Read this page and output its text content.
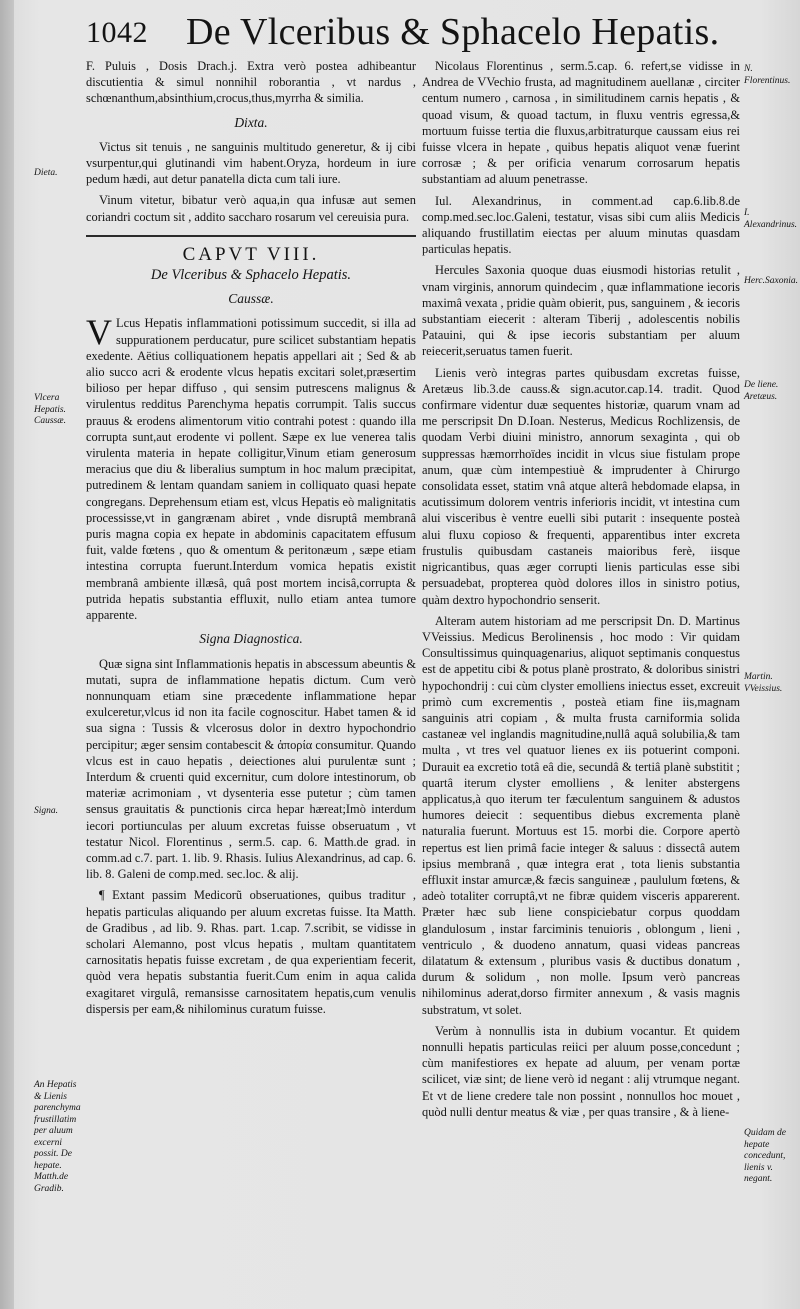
1042 De Vlceribus & Sphacelo Hepatis.

F. Puluis , Dosis Drach.j. Extra verò postea adhibeantur discutientia & simul nonnihil roborantia , vt nardus , schœnanthum,absinthium,crocus,thus,myrrha & similia.

Dixta.

Victus sit tenuis , ne sanguinis multitudo generetur, & ij cibi vsurpentur,qui glutinandi vim habent.Oryza, hordeum in iure pedum hædi, aut detur panatella dicta cum tali iure.

Vinum vitetur, bibatur verò aqua,in qua infusæ aut semen coriandri coctum sit , addito saccharo rosarum vel cereuisia pura.

CAPVT VIII.
De Vlceribus & Sphacelo Hepatis.
Caussæ.

V Lcus Hepatis inflammationi potissimum succedit, si illa ad suppurationem perducatur, pure scilicet substantiam hepatis exedente. Aëtius colliquationem hepatis appellari ait ; Sed & ab alio succo acri & erodente vlcus hepatis excitari solet,præsertim bilioso per hepar diffuso , qui sensim putrescens malignus & virulentus redditus Parenchyma hepatis corrumpit. Talis succus prauus & erodens alimentorum vitio contrahi potest : quando illa corrupta sunt,aut erodente vi pollent. Sæpe ex lue venerea talis virulenta materia in hepate colligitur,Vinum etiam generosum meracius que diu & liberalius sumptum in hoc malum præcipitat, putredinem & lentam quandam saniem in colliquato quasi hepate congregans. Deprehensum etiam est, vlcus Hepatis eò malignitatis processisse,vt in gangrænam abiret , vnde disruptâ membranâ puris magna copia ex hepate in abdominis capacitatem effusum fuit, valde fœtens , quo & omentum & peritonæum , sæpe etiam intestina corrupta fuerunt.Interdum vomica hepatis existit membranâ ambiente illæsâ, quâ post mortem incisâ,corrupta & putrida hepatis substantia effluxit, nullo etiam antea tumore apparente.

Signa Diagnostica.

Quæ signa sint Inflammationis hepatis in abscessum abeuntis & mutati, supra de inflammatione hepatis dictum. Cum verò nonnunquam etiam sine præcedente inflammatione hepar exulceretur,vlcus id non ita facile cognoscitur. Habet tamen & id sua signa : Tussis & vlcerosus dolor in dextro hypochondrio percipitur; æger sensim contabescit & ἀπορία consumitur. Quando vlcus est in cauo hepatis , deiectiones alui purulentæ sunt ; Interdum & cruenti quid excernitur, cum dolore intestinorum, ob materiæ acrimoniam , vt dysenteria esse putetur ; cùm tamen sensus grauitatis & punctionis circa hepar hæreat;Imò interdum iecori portiunculas per aluum excretas fuisse obseruatum , vt testatur Nicol. Florentinus , serm.5. cap. 6. Matth.de grad. in comm.ad c.7. part. 1. lib. 9. Rhasis. Iulius Alexandrinus, ad cap. 6. lib. 8. Galeni de comp.med. sec.loc. & alij.

¶ Extant passim Medicorũ obseruationes, quibus traditur , hepatis particulas aliquando per aluum excretas fuisse. Ita Matth. de Gradibus , ad lib. 9. Rhas. part. 1.cap. 7.scribit, se vidisse in scholari Alemanno, post vlcus hepatis , multam quantitatem carnositatis hepatis fuisse excretam , de qua experientiam fecerit, quòd vera hepatis substantia fuerit.Cum enim in aqua calida exagitaret virgulâ, remansisse carnositatem hepatis,cum venulis dispersis per eam,& nihilominus curatum fuisse.

Nicolaus Florentinus , serm.5.cap. 6. refert,se vidisse in Andrea de VVechio frusta, ad magnitudinem auellanæ , circiter centum numero , carnosa , in similitudinem carnis hepatis , & quoad visum, & quoad tactum, in fluxu ventris egressa,& mortuum fuisse tertia die fluxus,arbitraturque caussam eius rei fuisse vlcera in hepate , quibus hepatis aliquot venæ fuerint corrosæ ; & per orificia venarum corrosarum hepatis substantiam ad aluum penetrasse.

Iul. Alexandrinus, in comment.ad cap.6.lib.8.de comp.med.sec.loc.Galeni, testatur, visas sibi cum aliis Medicis aliquando frustillatim eiectas per aluum minutas quasdam particulas hepatis.

Hercules Saxonia quoque duas eiusmodi historias retulit , vnam virginis, annorum quindecim , quæ inflammatione iecoris maximâ vexata , pridie quàm obierit, pus, sanguinem , & iecoris substantiam eiecerit : alteram Tiberij , adolescentis nobilis Patauini, qui & ipse iecoris substantiam per aluum reiecerit,seruatus tamen fuerit.

Lienis verò integras partes quibusdam excretas fuisse, Aretæus lib.3.de causs.& sign.acutor.cap.14. tradit. Quod confirmare videntur duæ sequentes historiæ, quarum vnam ad me perscripsit Dn D.Ioan. Nesterus, Medicus Rochlizensis, de quodam Verbi diuini ministro, annorum sexaginta , qui ob suppressas hæmorrhoïdes incidit in vlcus siue fistulam prope anum, quæ cùm intempestiuè & imprudenter à Chirurgo consolidata esset, statim vnâ atque alterâ hebdomade elapsa, in acutissimum dolorem ventris inferioris incidit, vt intestina cum alui visceribus è ventre euelli sibi putarit : insequente posteà alui fluxu copioso & frequenti, apparentibus inter excreta frustulis quibusdam castaneis maioribus ferè, iisque nigricantibus, quas æger corrupti lienis particulas esse sibi persuadebat, propterea quòd dolores illos in sinistro potius, quàm dextro hypochondrio senserit.

Alteram autem historiam ad me perscripsit Dn. D. Martinus VVeissius. Medicus Berolinensis , hoc modo : Vir quidam Consultissimus quinquagenarius, aliquot septimanis conquestus est de appetitu cibi & potus planè prostrato, & doloribus sinistri hypochondrij : cui cùm clyster emolliens iniectus esset, excreuit primò cum excrementis , posteà etiam fine iis,magnam sanguinis atri copiam , & multa frusta carniformia solida castaneæ vel inglandis magnitudine,nullâ aquâ solubilia,& tam multa , vt tres vel quatuor lienes ex iis potuerint componi. Durauit ea excretio totâ eâ die, secundâ & tertiâ planè substitit ; quartâ iterum clyster emolliens , & leniter abstergens applicatus,à quo iterum ter fæculentum sanguinem & adustos humores deiecit : sequentibus diebus excrementa planè naturalia fuerunt. Mortuus est 15. morbi die. Corpore apertò repertus est lien primâ facie integer & saluus : dissectâ autem ipsius membranâ , quæ integra erat , tota lienis substantia effluxit instar amurcæ,& fæcis sanguineæ , paululum fœtens, & adeò totaliter corruptâ,vt ne fibræ quidem visceris apparerent. Præter hæc sub liene conspiciebatur corpus quoddam glandulosum , instar farciminis tenuioris , oblongum , lieni , ventriculo , & duodeno annatum, quasi videas pancreas dilatatum & extensum , pluribus vasis & ductibus donatum , durum & solidum , non molle. Ipsum verò pancreas nihilominus aderat,dorso firmiter annexum , & vasis magnis substratum, vt solet.

Verùm à nonnullis ista in dubium vocantur. Et quidem nonnulli hepatis particulas reiici per aluum posse,concedunt ; cùm manifestiores ex hepate ad aluum, per venam portæ scilicet, viæ sint; de liene verò id negant : alij vtrumque negant. Et vt de liene credere tale non possint , nonnullos hoc mouet , quòd nulli dentur meatus & viæ , per quas transire , & à liene-

Dieta.
Vlcera Hepatis. Caussæ.
Signa.
An Hepatis & Lienis parenchyma frustillatim per aluum excerni possit. De hepate. Matth.de Gradib.
N. Florentinus.
I. Alexandrinus.
Herc.Saxonia.
De liene. Aretæus.
Martin. VVeissius.
Quidam de hepate concedunt, lienis v. negant.
